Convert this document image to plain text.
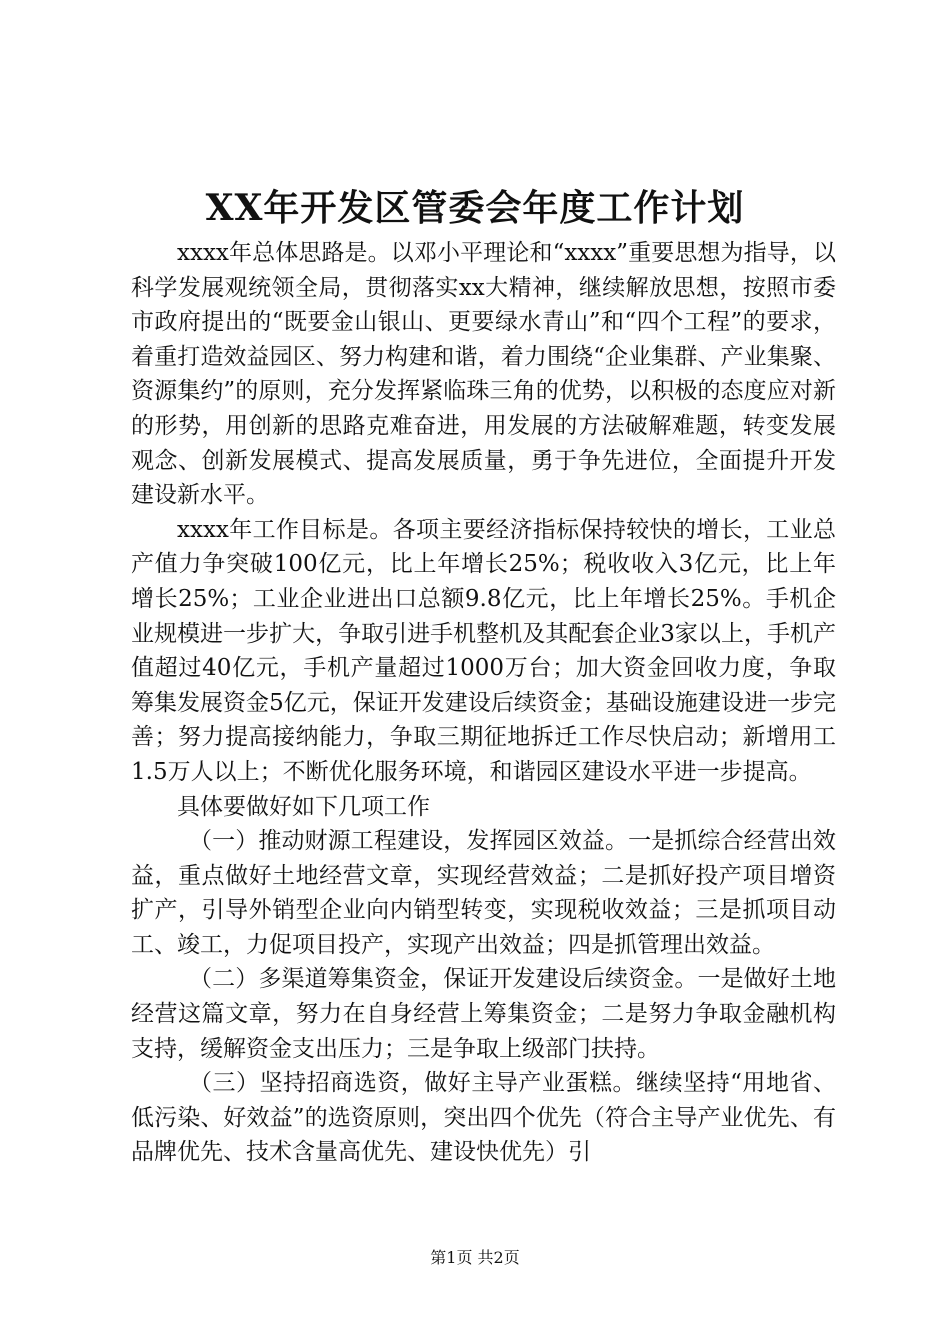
XX年开发区管委会年度工作计划

xxxx年总体思路是。以邓小平理论和“xxxx”重要思想为指导，以科学发展观统领全局，贯彻落实xx大精神，继续解放思想，按照市委市政府提出的“既要金山银山、更要绿水青山”和“四个工程”的要求，着重打造效益园区、努力构建和谐，着力围绕“企业集群、产业集聚、资源集约”的原则，充分发挥紧临珠三角的优势，以积极的态度应对新的形势，用创新的思路克难奋进，用发展的方法破解难题，转变发展观念、创新发展模式、提高发展质量，勇于争先进位，全面提升开发建设新水平。

xxxx年工作目标是。各项主要经济指标保持较快的增长，工业总产值力争突破100亿元，比上年增长25%；税收收入3亿元，比上年增长25%；工业企业进出口总额9.8亿元，比上年增长25%。手机企业规模进一步扩大，争取引进手机整机及其配套企业3家以上，手机产值超过40亿元，手机产量超过1000万台；加大资金回收力度，争取筹集发展资金5亿元，保证开发建设后续资金；基础设施建设进一步完善；努力提高接纳能力，争取三期征地拆迁工作尽快启动；新增用工1.5万人以上；不断优化服务环境，和谐园区建设水平进一步提高。

具体要做好如下几项工作

（一）推动财源工程建设，发挥园区效益。一是抓综合经营出效益，重点做好土地经营文章，实现经营效益；二是抓好投产项目增资扩产，引导外销型企业向内销型转变，实现税收效益；三是抓项目动工、竣工，力促项目投产，实现产出效益；四是抓管理出效益。

（二）多渠道筹集资金，保证开发建设后续资金。一是做好土地经营这篇文章，努力在自身经营上筹集资金；二是努力争取金融机构支持，缓解资金支出压力；三是争取上级部门扶持。

（三）坚持招商选资，做好主导产业蛋糕。继续坚持“用地省、低污染、好效益”的选资原则，突出四个优先（符合主导产业优先、有品牌优先、技术含量高优先、建设快优先）引

第1页 共2页
